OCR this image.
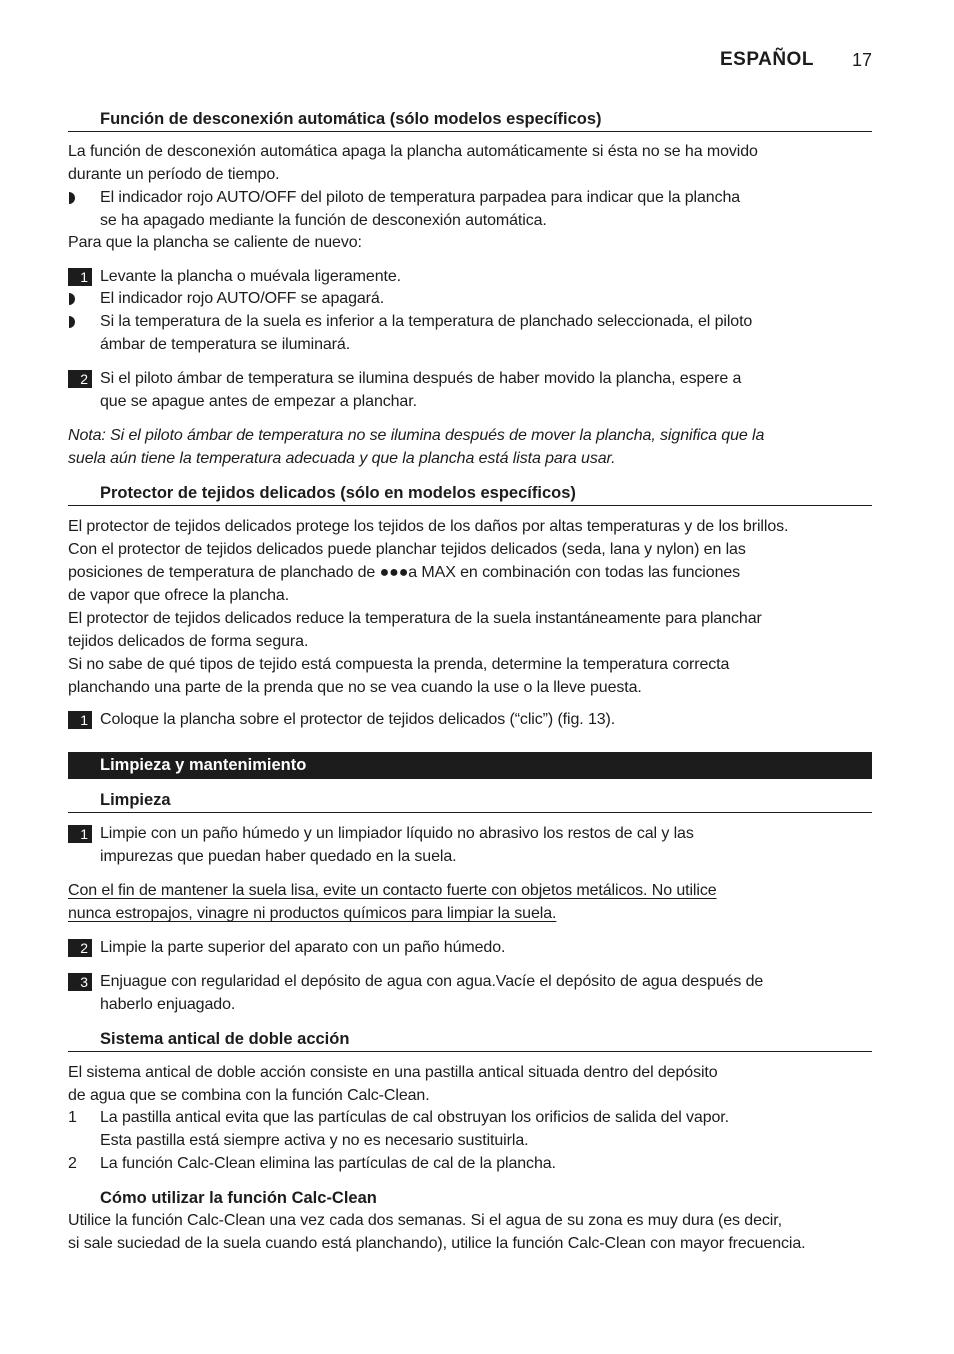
ESPAÑOL 17
Función de desconexión automática (sólo modelos específicos)
La función de desconexión automática apaga la plancha automáticamente si ésta no se ha movido
durante un período de tiempo.
El indicador rojo AUTO/OFF del piloto de temperatura parpadea para indicar que la plancha
se ha apagado mediante la función de desconexión automática.
Para que la plancha se caliente de nuevo:
1 Levante la plancha o muévala ligeramente.
El indicador rojo AUTO/OFF se apagará.
Si la temperatura de la suela es inferior a la temperatura de planchado seleccionada, el piloto
ámbar de temperatura se iluminará.
2 Si el piloto ámbar de temperatura se ilumina después de haber movido la plancha, espere a
que se apague antes de empezar a planchar.
Nota: Si el piloto ámbar de temperatura no se ilumina después de mover la plancha, significa que la
suela aún tiene la temperatura adecuada y que la plancha está lista para usar.
Protector de tejidos delicados (sólo en modelos específicos)
El protector de tejidos delicados protege los tejidos de los daños por altas temperaturas y de los brillos.
Con el protector de tejidos delicados puede planchar tejidos delicados (seda, lana y nylon) en las
posiciones de temperatura de planchado de ●●●a MAX en combinación con todas las funciones
de vapor que ofrece la plancha.
El protector de tejidos delicados reduce la temperatura de la suela instantáneamente para planchar
tejidos delicados de forma segura.
Si no sabe de qué tipos de tejido está compuesta la prenda, determine la temperatura correcta
planchando una parte de la prenda que no se vea cuando la use o la lleve puesta.
1 Coloque la plancha sobre el protector de tejidos delicados (“clic”) (fig. 13).
Limpieza y mantenimiento
Limpieza
1 Limpie con un paño húmedo y un limpiador líquido no abrasivo los restos de cal y las
impurezas que puedan haber quedado en la suela.
Con el fin de mantener la suela lisa, evite un contacto fuerte con objetos metálicos. No utilice
nunca estropajos, vinagre ni productos químicos para limpiar la suela.
2 Limpie la parte superior del aparato con un paño húmedo.
3 Enjuague con regularidad el depósito de agua con agua.Vacíe el depósito de agua después de
haberlo enjuagado.
Sistema antical de doble acción
El sistema antical de doble acción consiste en una pastilla antical situada dentro del depósito
de agua que se combina con la función Calc-Clean.
1 La pastilla antical evita que las partículas de cal obstruyan los orificios de salida del vapor.
Esta pastilla está siempre activa y no es necesario sustituirla.
2 La función Calc-Clean elimina las partículas de cal de la plancha.
Cómo utilizar la función Calc-Clean
Utilice la función Calc-Clean una vez cada dos semanas. Si el agua de su zona es muy dura (es decir,
si sale suciedad de la suela cuando está planchando), utilice la función Calc-Clean con mayor frecuencia.
